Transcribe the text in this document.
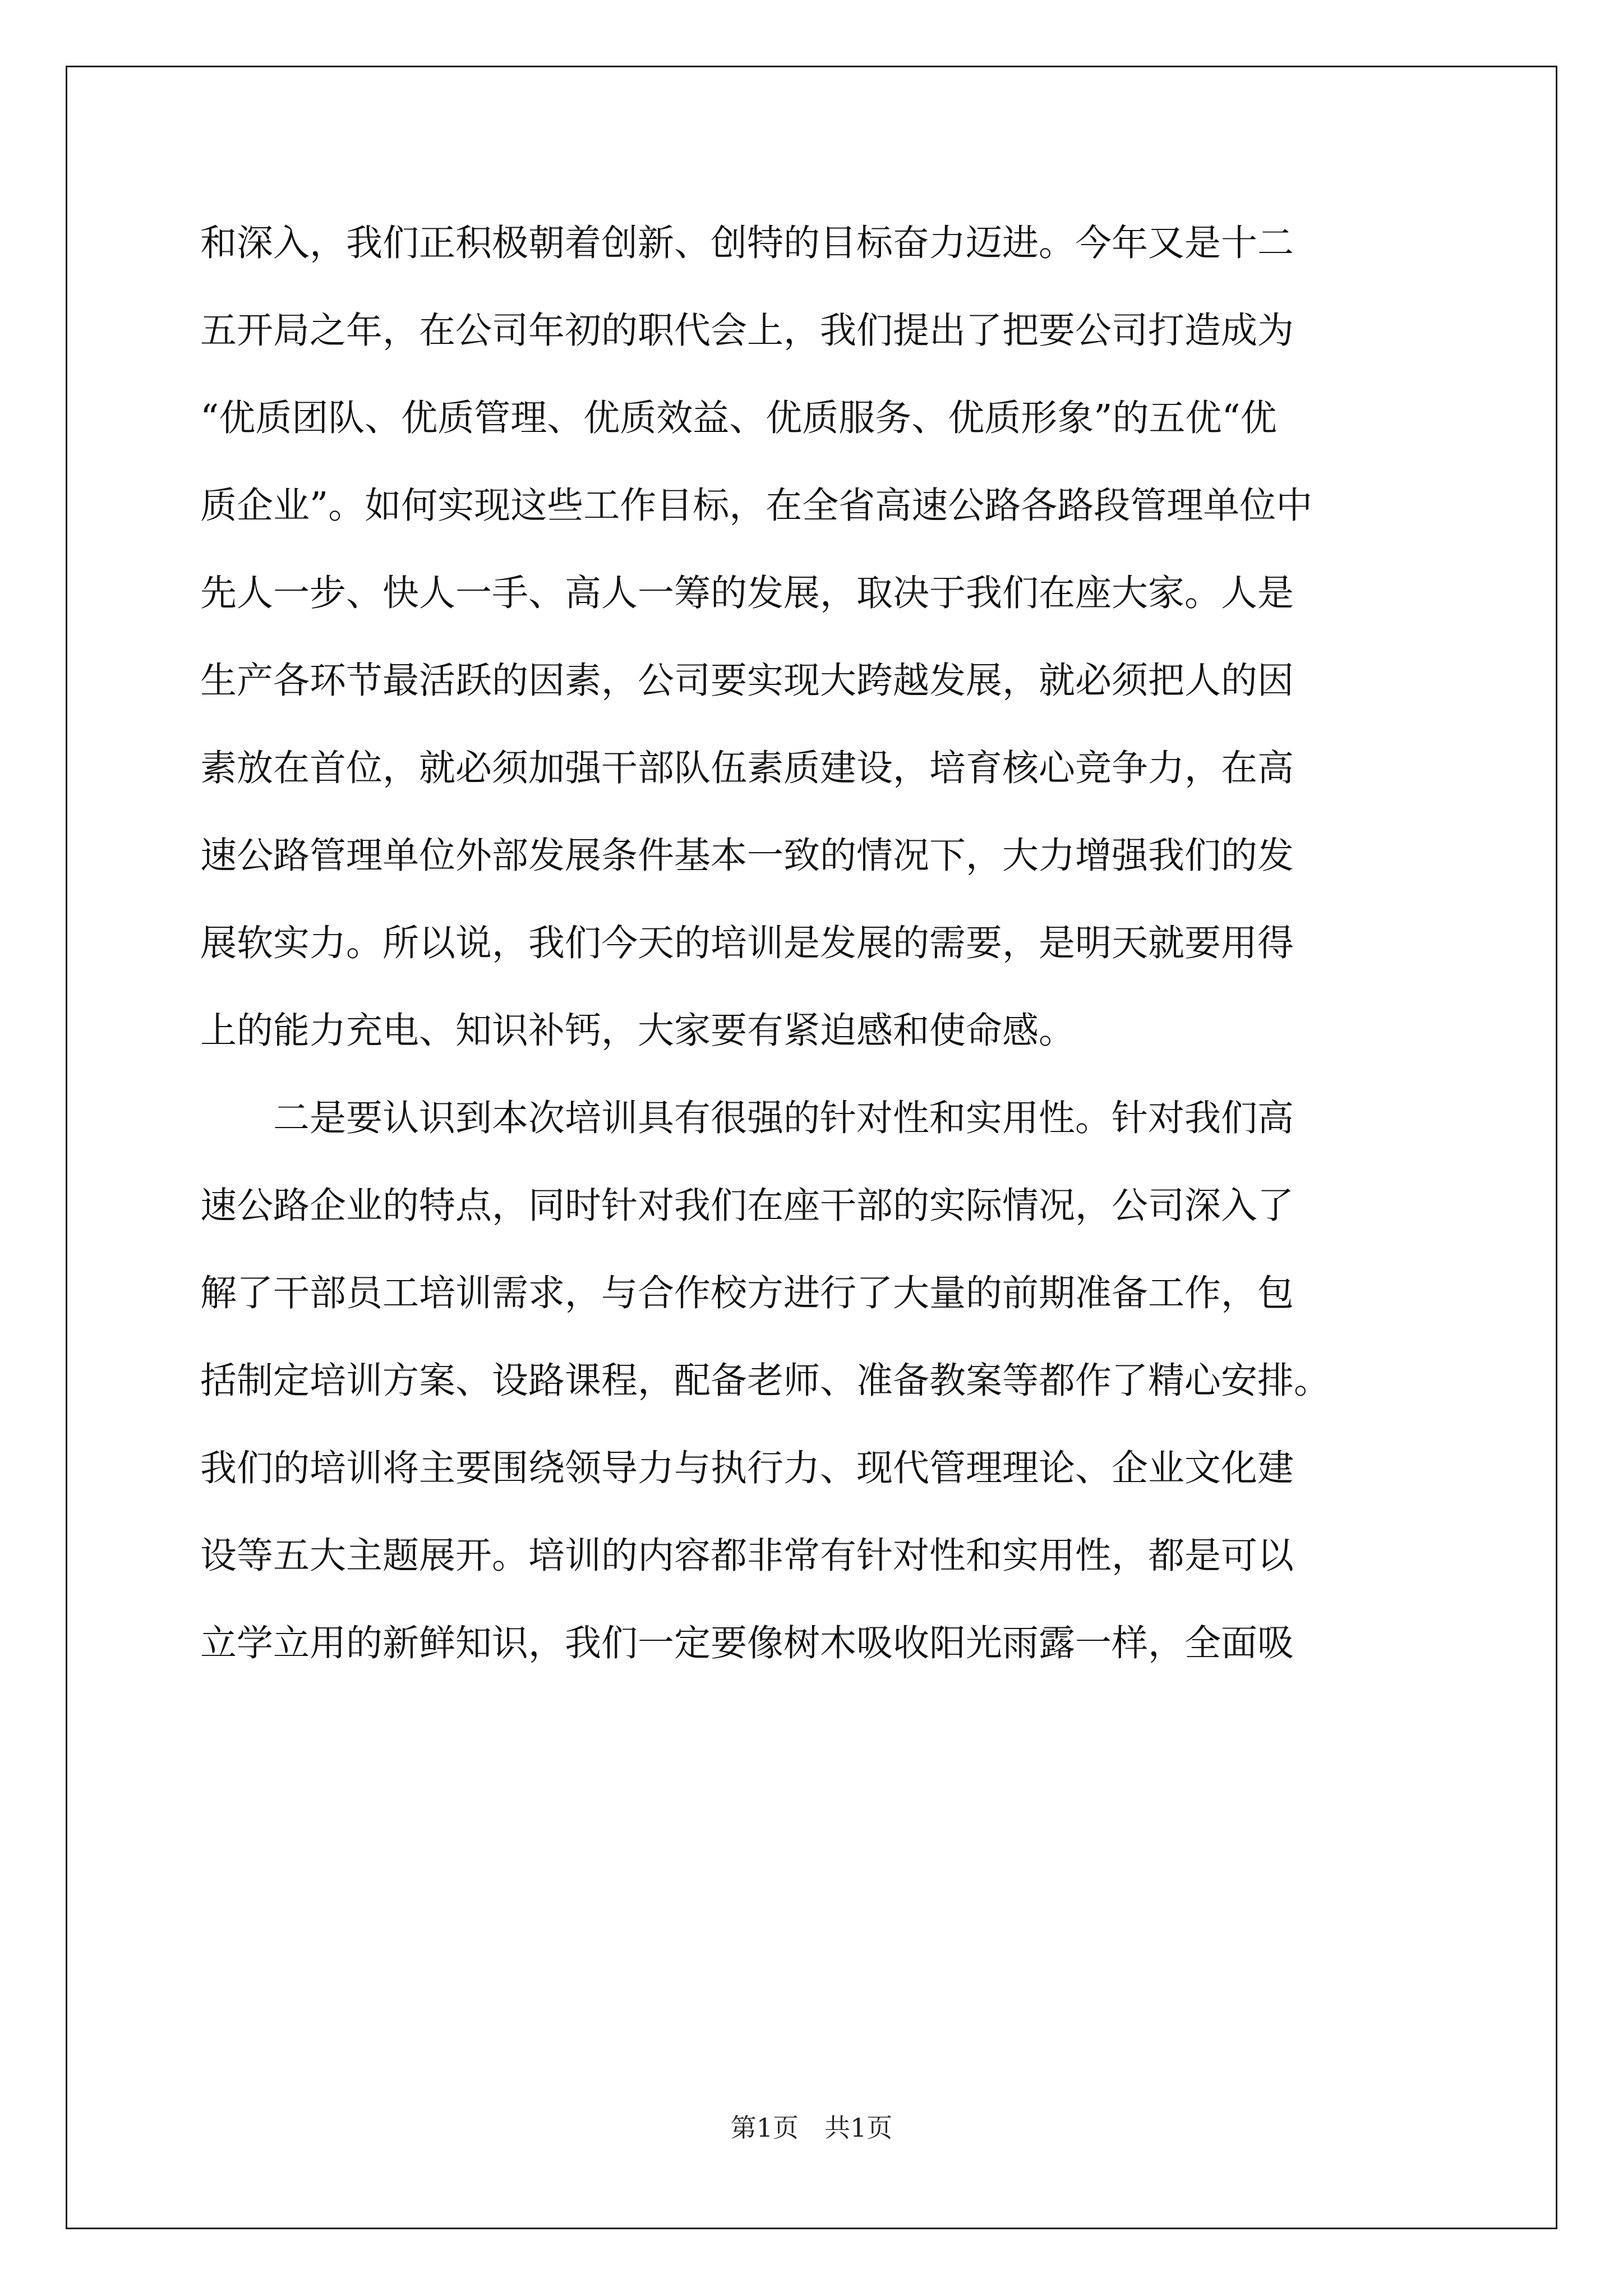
和深入，我们正积极朝着创新、创特的目标奋力迈进。今年又是十二
五开局之年，在公司年初的职代会上，我们提出了把要公司打造成为
“优质团队、优质管理、优质效益、优质服务、优质形象”的五优“优
质企业”。如何实现这些工作目标，在全省高速公路各路段管理单位中
先人一步、快人一手、高人一筹的发展，取决于我们在座大家。人是
生产各环节最活跃的因素，公司要实现大跨越发展，就必须把人的因
素放在首位，就必须加强干部队伍素质建设，培育核心竞争力，在高
速公路管理单位外部发展条件基本一致的情况下，大力增强我们的发
展软实力。所以说，我们今天的培训是发展的需要，是明天就要用得
上的能力充电、知识补钙，大家要有紧迫感和使命感。
　　二是要认识到本次培训具有很强的针对性和实用性。针对我们高
速公路企业的特点，同时针对我们在座干部的实际情况，公司深入了
解了干部员工培训需求，与合作校方进行了大量的前期准备工作，包
括制定培训方案、设路课程，配备老师、准备教案等都作了精心安排。
我们的培训将主要围绕领导力与执行力、现代管理理论、企业文化建
设等五大主题展开。培训的内容都非常有针对性和实用性，都是可以
立学立用的新鲜知识，我们一定要像树木吸收阳光雨露一样，全面吸
第1页　共1页
